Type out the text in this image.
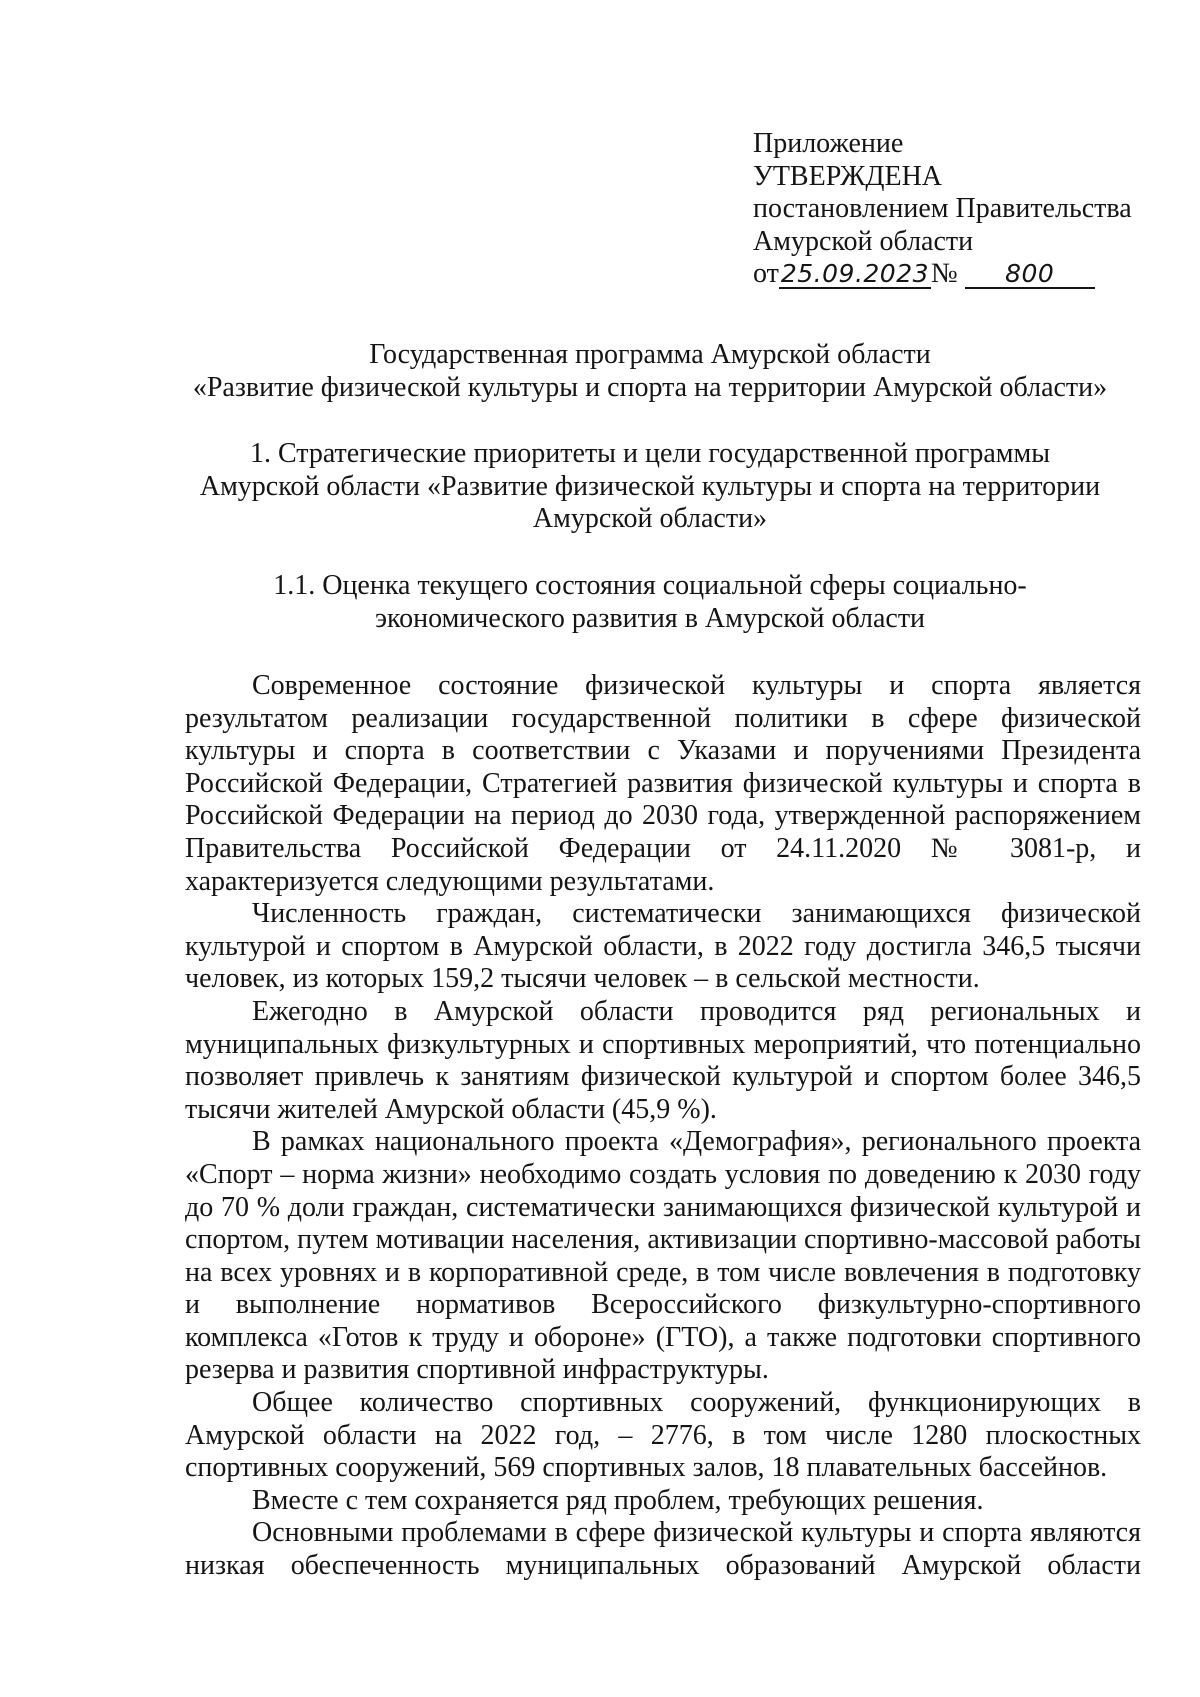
Приложение
УТВЕРЖДЕНА
постановлением Правительства
Амурской области
от25.09.2023№ 800
Государственная программа Амурской области
«Развитие физической культуры и спорта на территории Амурской области»
1. Стратегические приоритеты и цели государственной программы
Амурской области «Развитие физической культуры и спорта на территории
Амурской области»
1.1. Оценка текущего состояния социальной сферы социально-
экономического развития в Амурской области

Современное состояние физической культуры и спорта является результатом реализации государственной политики в сфере физической культуры и спорта в соответствии с Указами и поручениями Президента Российской Федерации, Стратегией развития физической культуры и спорта в Российской Федерации на период до 2030 года, утвержденной распоряжением Правительства Российской Федерации от 24.11.2020 № 3081-р, и характеризуется следующими результатами.

Численность граждан, систематически занимающихся физической культурой и спортом в Амурской области, в 2022 году достигла 346,5 тысячи человек, из которых 159,2 тысячи человек – в сельской местности.

Ежегодно в Амурской области проводится ряд региональных и муниципальных физкультурных и спортивных мероприятий, что потенциально позволяет привлечь к занятиям физической культурой и спортом более 346,5 тысячи жителей Амурской области (45,9 %).

В рамках национального проекта «Демография», регионального проекта «Спорт – норма жизни» необходимо создать условия по доведению к 2030 году до 70 % доли граждан, систематически занимающихся физической культурой и спортом, путем мотивации населения, активизации спортивно-массовой работы на всех уровнях и в корпоративной среде, в том числе вовлечения в подготовку и выполнение нормативов Всероссийского физкультурно-спортивного комплекса «Готов к труду и обороне» (ГТО), а также подготовки спортивного резерва и развития спортивной инфраструктуры.

Общее количество спортивных сооружений, функционирующих в Амурской области на 2022 год, – 2776, в том числе 1280 плоскостных спортивных сооружений, 569 спортивных залов, 18 плавательных бассейнов.

Вместе с тем сохраняется ряд проблем, требующих решения.

Основными проблемами в сфере физической культуры и спорта являются низкая обеспеченность муниципальных образований Амурской области
